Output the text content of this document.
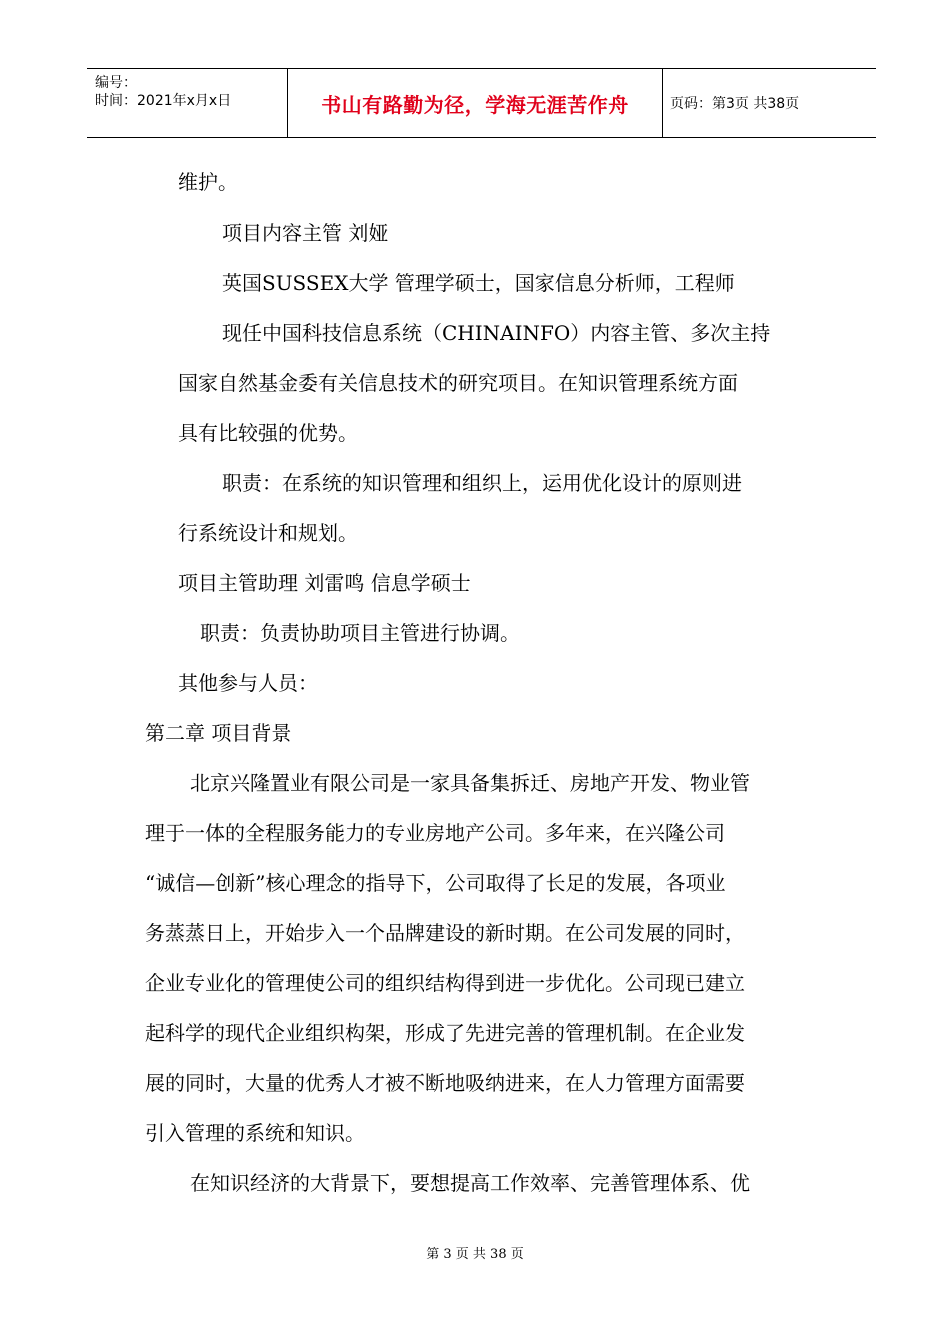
编号：
时间：2021年x月x日	书山有路勤为径，学海无涯苦作舟	页码：第3页 共38页
维护。
项目内容主管 刘娅
英国SUSSEX大学 管理学硕士，国家信息分析师，工程师
现任中国科技信息系统（CHINAINFO）内容主管、多次主持
国家自然基金委有关信息技术的研究项目。在知识管理系统方面
具有比较强的优势。
职责：在系统的知识管理和组织上，运用优化设计的原则进
行系统设计和规划。
项目主管助理 刘雷鸣 信息学硕士
职责：负责协助项目主管进行协调。
其他参与人员：
第二章 项目背景
北京兴隆置业有限公司是一家具备集拆迁、房地产开发、物业管
理于一体的全程服务能力的专业房地产公司。多年来，在兴隆公司
“诚信—创新”核心理念的指导下，公司取得了长足的发展，各项业
务蒸蒸日上，开始步入一个品牌建设的新时期。在公司发展的同时，
企业专业化的管理使公司的组织结构得到进一步优化。公司现已建立
起科学的现代企业组织构架，形成了先进完善的管理机制。在企业发
展的同时，大量的优秀人才被不断地吸纳进来，在人力管理方面需要
引入管理的系统和知识。
在知识经济的大背景下，要想提高工作效率、完善管理体系、优
第 3 页 共 38 页
